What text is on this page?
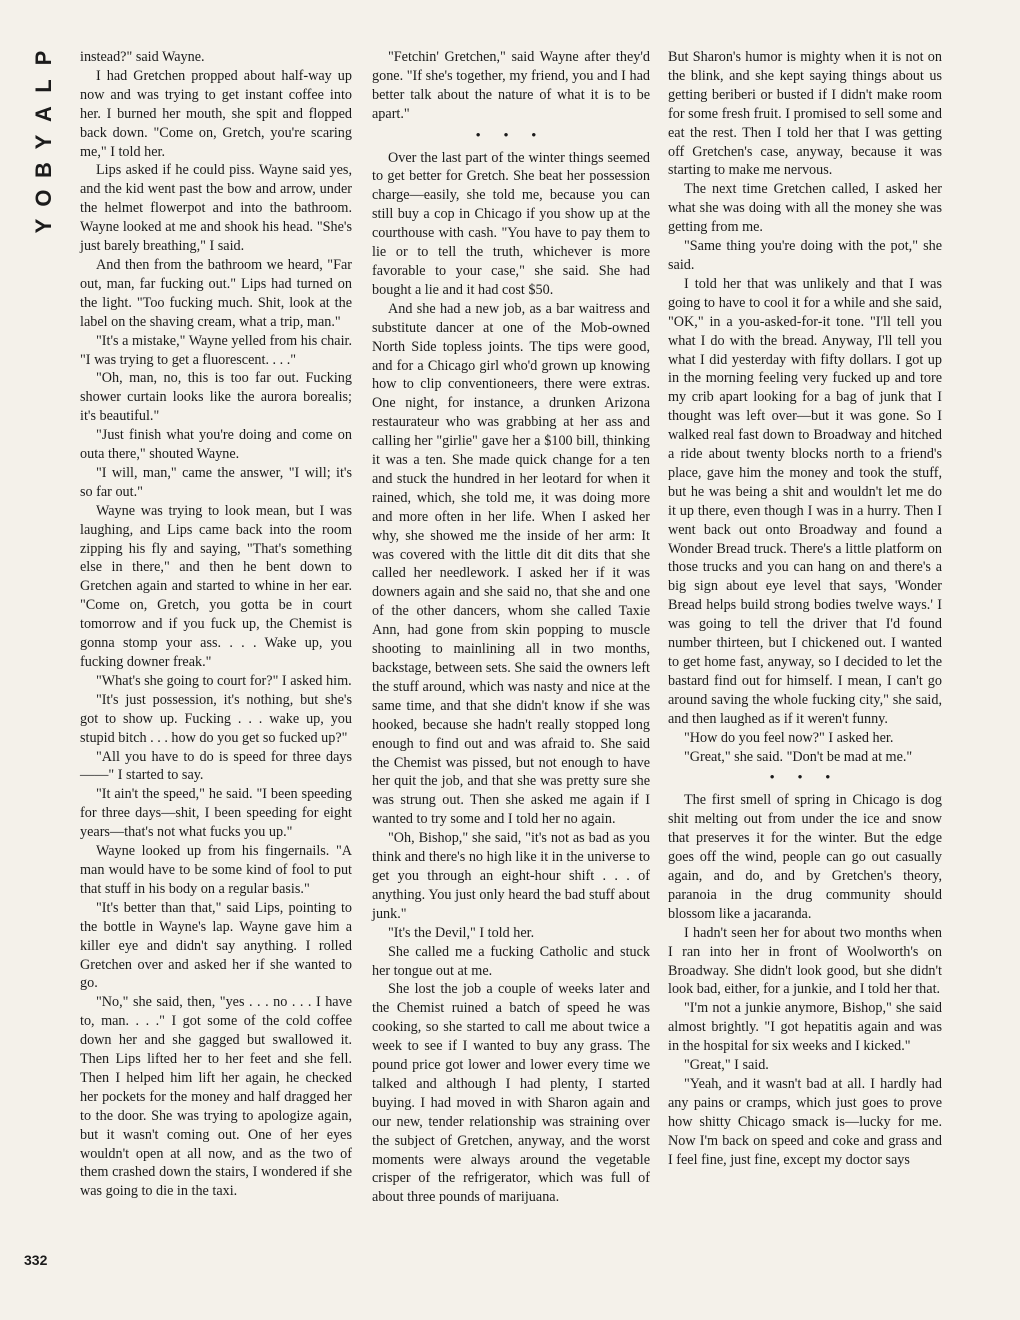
P
L
A
Y
B
O
Y
332

instead?" said Wayne.

I had Gretchen propped about half-way up now and was trying to get instant coffee into her. I burned her mouth, she spit and flopped back down. "Come on, Gretch, you're scaring me," I told her.

Lips asked if he could piss. Wayne said yes, and the kid went past the bow and arrow, under the helmet flowerpot and into the bathroom. Wayne looked at me and shook his head. "She's just barely breathing," I said.

And then from the bathroom we heard, "Far out, man, far fucking out." Lips had turned on the light. "Too fucking much. Shit, look at the label on the shaving cream, what a trip, man."

"It's a mistake," Wayne yelled from his chair. "I was trying to get a fluorescent. . . ."

"Oh, man, no, this is too far out. Fucking shower curtain looks like the aurora borealis; it's beautiful."

"Just finish what you're doing and come on outa there," shouted Wayne.

"I will, man," came the answer, "I will; it's so far out."

Wayne was trying to look mean, but I was laughing, and Lips came back into the room zipping his fly and saying, "That's something else in there," and then he bent down to Gretchen again and started to whine in her ear. "Come on, Gretch, you gotta be in court tomorrow and if you fuck up, the Chemist is gonna stomp your ass. . . . Wake up, you fucking downer freak."

"What's she going to court for?" I asked him.

"It's just possession, it's nothing, but she's got to show up. Fucking . . . wake up, you stupid bitch . . . how do you get so fucked up?"

"All you have to do is speed for three days——" I started to say.

"It ain't the speed," he said. "I been speeding for three days—shit, I been speeding for eight years—that's not what fucks you up."

Wayne looked up from his fingernails. "A man would have to be some kind of fool to put that stuff in his body on a regular basis."

"It's better than that," said Lips, pointing to the bottle in Wayne's lap. Wayne gave him a killer eye and didn't say anything. I rolled Gretchen over and asked her if she wanted to go.

"No," she said, then, "yes . . . no . . . I have to, man. . . ." I got some of the cold coffee down her and she gagged but swallowed it. Then Lips lifted her to her feet and she fell. Then I helped him lift her again, he checked her pockets for the money and half dragged her to the door. She was trying to apologize again, but it wasn't coming out. One of her eyes wouldn't open at all now, and as the two of them crashed down the stairs, I wondered if she was going to die in the taxi.

"Fetchin' Gretchen," said Wayne after they'd gone. "If she's together, my friend, you and I had better talk about the nature of what it is to be apart."

• • •

Over the last part of the winter things seemed to get better for Gretch. She beat her possession charge—easily, she told me, because you can still buy a cop in Chicago if you show up at the courthouse with cash. "You have to pay them to lie or to tell the truth, whichever is more favorable to your case," she said. She had bought a lie and it had cost $50.

And she had a new job, as a bar waitress and substitute dancer at one of the Mob-owned North Side topless joints. The tips were good, and for a Chicago girl who'd grown up knowing how to clip conventioneers, there were extras. One night, for instance, a drunken Arizona restaurateur who was grabbing at her ass and calling her "girlie" gave her a $100 bill, thinking it was a ten. She made quick change for a ten and stuck the hundred in her leotard for when it rained, which, she told me, it was doing more and more often in her life. When I asked her why, she showed me the inside of her arm: It was covered with the little dit dit dits that she called her needlework. I asked her if it was downers again and she said no, that she and one of the other dancers, whom she called Taxie Ann, had gone from skin popping to muscle shooting to mainlining all in two months, backstage, between sets. She said the owners left the stuff around, which was nasty and nice at the same time, and that she didn't know if she was hooked, because she hadn't really stopped long enough to find out and was afraid to. She said the Chemist was pissed, but not enough to have her quit the job, and that she was pretty sure she was strung out. Then she asked me again if I wanted to try some and I told her no again.

"Oh, Bishop," she said, "it's not as bad as you think and there's no high like it in the universe to get you through an eight-hour shift . . . of anything. You just only heard the bad stuff about junk."

"It's the Devil," I told her.

She called me a fucking Catholic and stuck her tongue out at me.

She lost the job a couple of weeks later and the Chemist ruined a batch of speed he was cooking, so she started to call me about twice a week to see if I wanted to buy any grass. The pound price got lower and lower every time we talked and although I had plenty, I started buying. I had moved in with Sharon again and our new, tender relationship was straining over the subject of Gretchen, anyway, and the worst moments were always around the vegetable crisper of the refrigerator, which was full of about three pounds of marijuana.

But Sharon's humor is mighty when it is not on the blink, and she kept saying things about us getting beriberi or busted if I didn't make room for some fresh fruit. I promised to sell some and eat the rest. Then I told her that I was getting off Gretchen's case, anyway, because it was starting to make me nervous.

The next time Gretchen called, I asked her what she was doing with all the money she was getting from me.

"Same thing you're doing with the pot," she said.

I told her that was unlikely and that I was going to have to cool it for a while and she said, "OK," in a you-asked-for-it tone. "I'll tell you what I do with the bread. Anyway, I'll tell you what I did yesterday with fifty dollars. I got up in the morning feeling very fucked up and tore my crib apart looking for a bag of junk that I thought was left over—but it was gone. So I walked real fast down to Broadway and hitched a ride about twenty blocks north to a friend's place, gave him the money and took the stuff, but he was being a shit and wouldn't let me do it up there, even though I was in a hurry. Then I went back out onto Broadway and found a Wonder Bread truck. There's a little platform on those trucks and you can hang on and there's a big sign about eye level that says, 'Wonder Bread helps build strong bodies twelve ways.' I was going to tell the driver that I'd found number thirteen, but I chickened out. I wanted to get home fast, anyway, so I decided to let the bastard find out for himself. I mean, I can't go around saving the whole fucking city," she said, and then laughed as if it weren't funny.

"How do you feel now?" I asked her.

"Great," she said. "Don't be mad at me."

• • •

The first smell of spring in Chicago is dog shit melting out from under the ice and snow that preserves it for the winter. But the edge goes off the wind, people can go out casually again, and do, and by Gretchen's theory, paranoia in the drug community should blossom like a jacaranda.

I hadn't seen her for about two months when I ran into her in front of Woolworth's on Broadway. She didn't look good, but she didn't look bad, either, for a junkie, and I told her that.

"I'm not a junkie anymore, Bishop," she said almost brightly. "I got hepatitis again and was in the hospital for six weeks and I kicked."

"Great," I said.

"Yeah, and it wasn't bad at all. I hardly had any pains or cramps, which just goes to prove how shitty Chicago smack is—lucky for me. Now I'm back on speed and coke and grass and I feel fine, just fine, except my doctor says
